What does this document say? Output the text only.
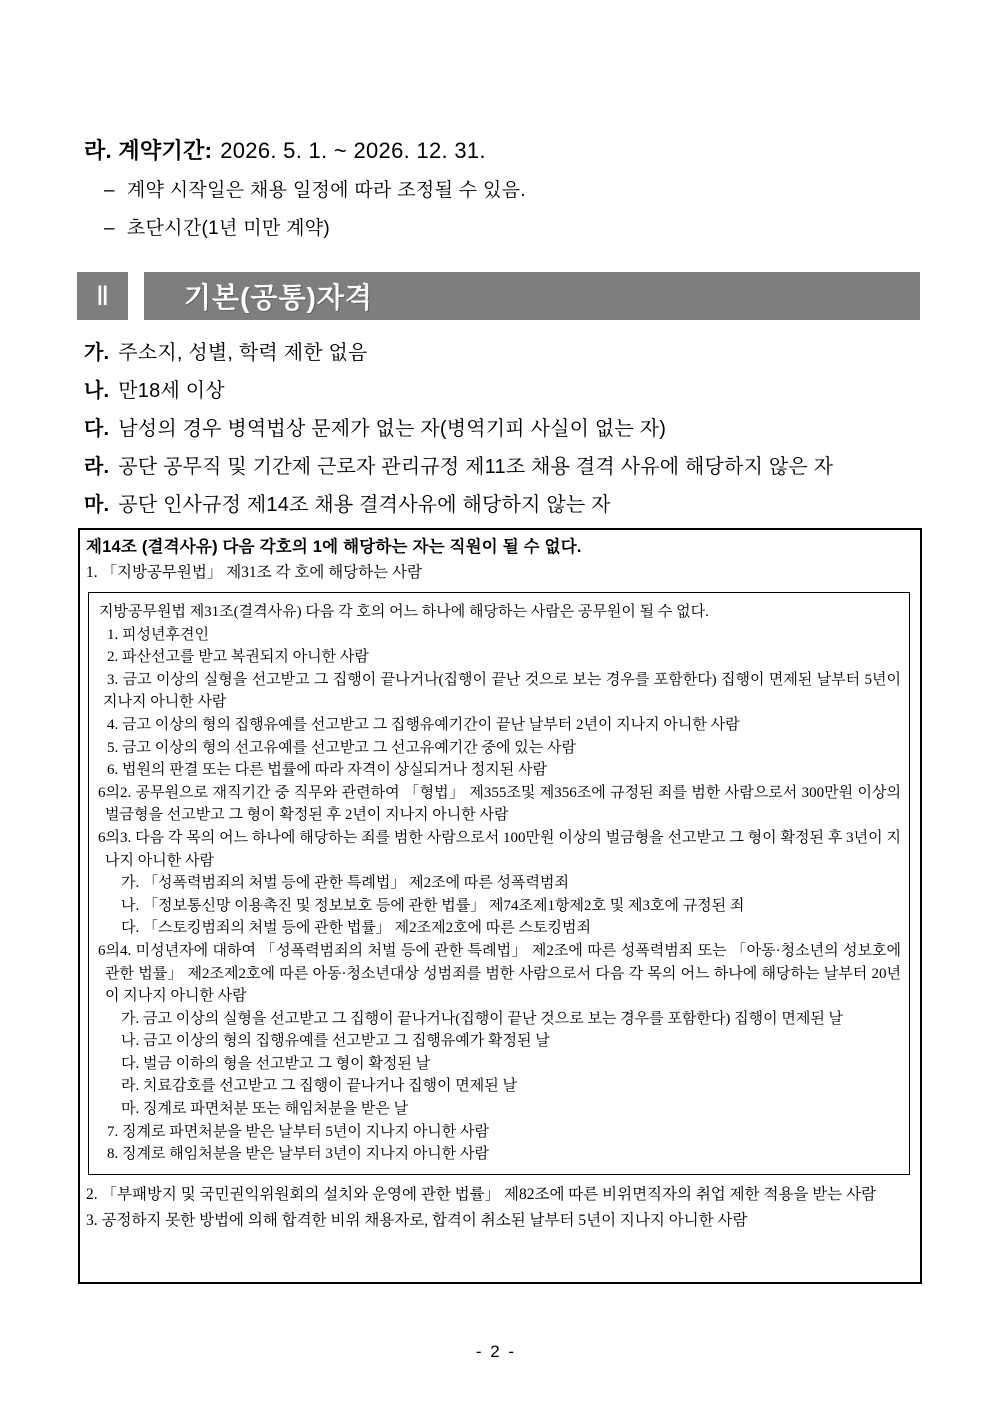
라. 계약기간: 2026. 5. 1. ~ 2026. 12. 31.
– 계약 시작일은 채용 일정에 따라 조정될 수 있음.
– 초단시간(1년 미만 계약)
Ⅱ	기본(공통)자격
가. 주소지, 성별, 학력 제한 없음
나. 만18세 이상
다. 남성의 경우 병역법상 문제가 없는 자(병역기피 사실이 없는 자)
라. 공단 공무직 및 기간제 근로자 관리규정 제11조 채용 결격 사유에 해당하지 않은 자
마. 공단 인사규정 제14조 채용 결격사유에 해당하지 않는 자
제14조 (결격사유) 다음 각호의 1에 해당하는 자는 직원이 될 수 없다.
1. 「지방공무원법」 제31조 각 호에 해당하는 사람
지방공무원법 제31조(결격사유) 다음 각 호의 어느 하나에 해당하는 사람은 공무원이 될 수 없다.
1. 피성년후견인
2. 파산선고를 받고 복권되지 아니한 사람
3. 금고 이상의 실형을 선고받고 그 집행이 끝나거나(집행이 끝난 것으로 보는 경우를 포함한다) 집행이 면제된 날부터 5년이 지나지 아니한 사람
4. 금고 이상의 형의 집행유예를 선고받고 그 집행유예기간이 끝난 날부터 2년이 지나지 아니한 사람
5. 금고 이상의 형의 선고유예를 선고받고 그 선고유예기간 중에 있는 사람
6. 법원의 판결 또는 다른 법률에 따라 자격이 상실되거나 정지된 사람
6의2. 공무원으로 재직기간 중 직무와 관련하여 「형법」 제355조및 제356조에 규정된 죄를 범한 사람으로서 300만원 이상의 벌금형을 선고받고 그 형이 확정된 후 2년이 지나지 아니한 사람
6의3. 다음 각 목의 어느 하나에 해당하는 죄를 범한 사람으로서 100만원 이상의 벌금형을 선고받고 그 형이 확정된 후 3년이 지나지 아니한 사람
가. 「성폭력범죄의 처벌 등에 관한 특례법」 제2조에 따른 성폭력범죄
나. 「정보통신망 이용촉진 및 정보보호 등에 관한 법률」 제74조제1항제2호 및 제3호에 규정된 죄
다. 「스토킹범죄의 처벌 등에 관한 법률」 제2조제2호에 따른 스토킹범죄
6의4. 미성년자에 대하여 「성폭력범죄의 처벌 등에 관한 특례법」 제2조에 따른 성폭력범죄 또는 「아동·청소년의 성보호에 관한 법률」 제2조제2호에 따른 아동·청소년대상 성범죄를 범한 사람으로서 다음 각 목의 어느 하나에 해당하는 날부터 20년이 지나지 아니한 사람
가. 금고 이상의 실형을 선고받고 그 집행이 끝나거나(집행이 끝난 것으로 보는 경우를 포함한다) 집행이 면제된 날
나. 금고 이상의 형의 집행유예를 선고받고 그 집행유예가 확정된 날
다. 벌금 이하의 형을 선고받고 그 형이 확정된 날
라. 치료감호를 선고받고 그 집행이 끝나거나 집행이 면제된 날
마. 징계로 파면처분 또는 해임처분을 받은 날
7. 징계로 파면처분을 받은 날부터 5년이 지나지 아니한 사람
8. 징계로 해임처분을 받은 날부터 3년이 지나지 아니한 사람
2. 「부패방지 및 국민권익위원회의 설치와 운영에 관한 법률」 제82조에 따른 비위면직자의 취업 제한 적용을 받는 사람
3. 공정하지 못한 방법에 의해 합격한 비위 채용자로, 합격이 취소된 날부터 5년이 지나지 아니한 사람
- 2 -
